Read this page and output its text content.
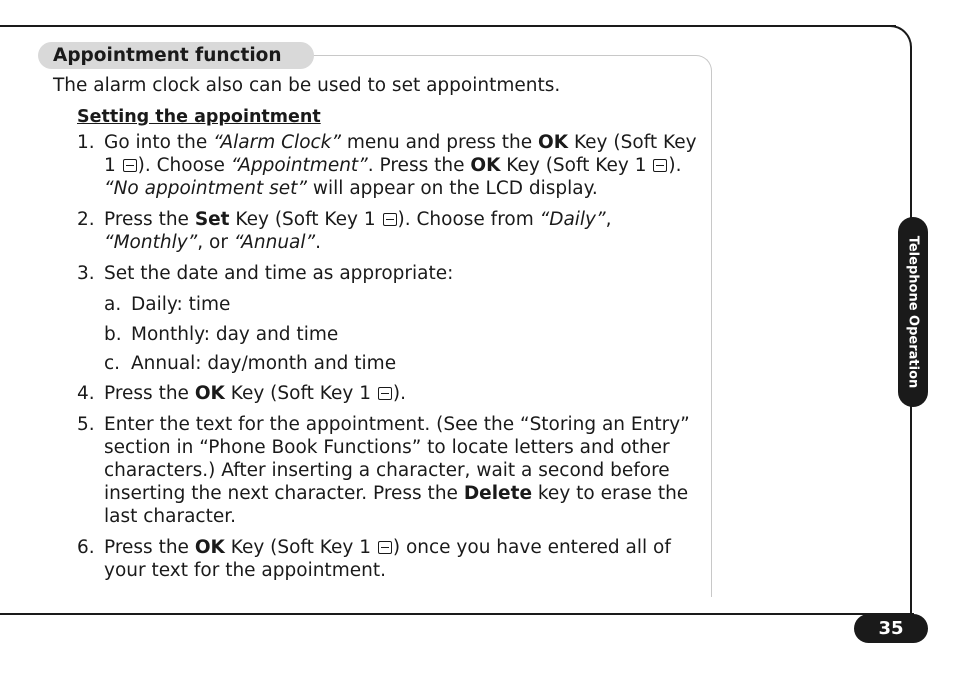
Appointment function
The alarm clock also can be used to set appointments.
Setting the appointment
1. Go into the “Alarm Clock” menu and press the OK Key (Soft Key 1 ). Choose “Appointment”. Press the OK Key (Soft Key 1 ). “No appointment set” will appear on the LCD display.
2. Press the Set Key (Soft Key 1 ). Choose from “Daily”, “Monthly”, or “Annual”.
3. Set the date and time as appropriate:
a. Daily: time
b. Monthly: day and time
c. Annual: day/month and time
4. Press the OK Key (Soft Key 1 ).
5. Enter the text for the appointment. (See the “Storing an Entry” section in “Phone Book Functions” to locate letters and other characters.) After inserting a character, wait a second before inserting the next character. Press the Delete key to erase the last character.
6. Press the OK Key (Soft Key 1 ) once you have entered all of your text for the appointment.
Telephone Operation
35
